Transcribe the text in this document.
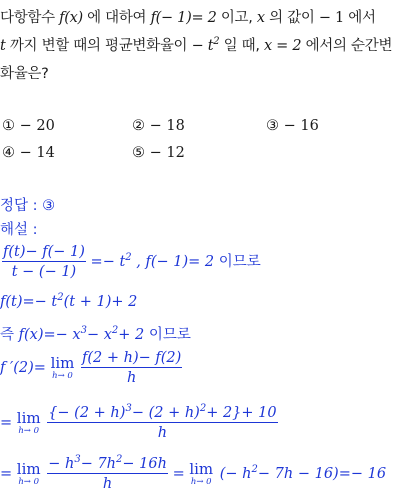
다항함수 f(x) 에 대하여 f(− 1)= 2 이고, x 의 값이 − 1 에서
t 까지 변할 때의 평균변화율이 − $t^2$ 일 때, x = 2 에서의 순간변
화율은?
① − 20	② − 18	③ − 16
④ − 14	⑤ − 12
정답 : ③
해설 :
$\frac{f(t)- f(- 1)}{t - (- 1)} =- t^2$ , f(− 1)= 2 이므로
$f(t)=- t^2(t + 1)+ 2$
즉 $f(x)=- x^3- x^2+ 2$ 이므로
f ′(2)= lim
h→ 0
$\frac{f(2 + h)- f(2)}{h}$
= lim
h→ 0
$\frac{\{- (2 + h)^3- (2 + h)^2+ 2\}+ 10}{h}$
= lim
h→ 0
$\frac{- h^3- 7h^2- 16h}{h} = \lim$
h→ 0 (− $h^2- 7h - 16)=- 16$
